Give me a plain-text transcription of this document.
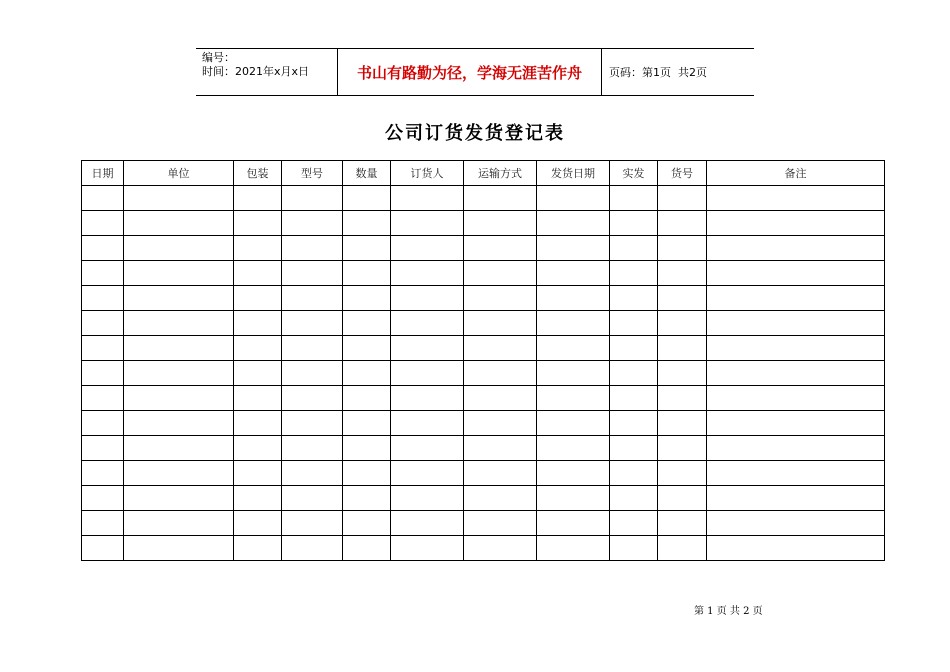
编号：
时间：2021年x月x日	书山有路勤为径，学海无涯苦作舟	页码：第1页  共2页
公司订货发货登记表
日期	单位	包装	型号	数量	订货人	运输方式	发货日期	实发	货号	备注

第 1 页 共 2 页
